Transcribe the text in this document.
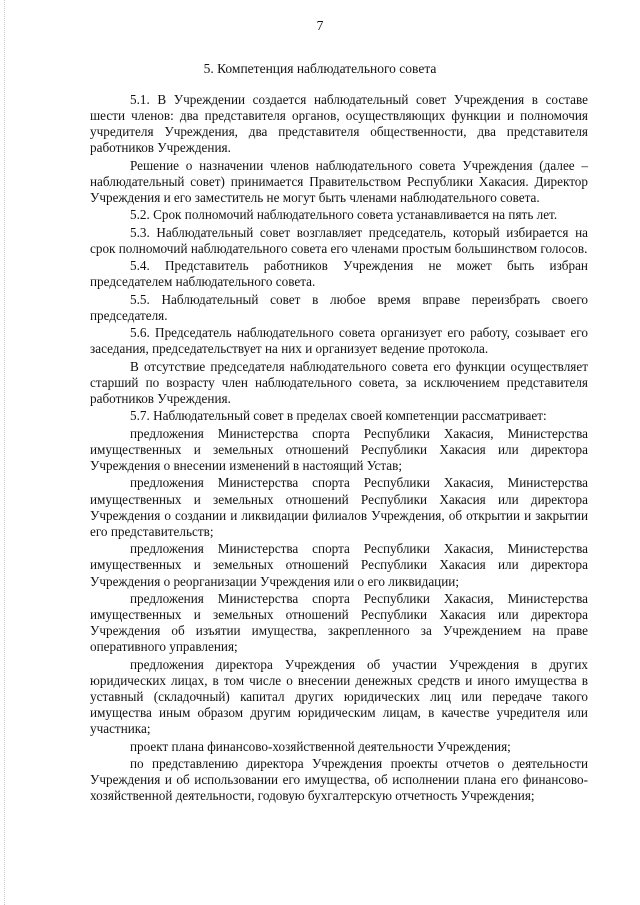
7
5. Компетенция наблюдательного совета

5.1. В Учреждении создается наблюдательный совет Учреждения в составе шести членов: два представителя органов, осуществляющих функции и полномочия учредителя Учреждения, два представителя общественности, два представителя работников Учреждения.

Решение о назначении членов наблюдательного совета Учреждения (далее – наблюдательный совет) принимается Правительством Республики Хакасия. Директор Учреждения и его заместитель не могут быть членами наблюдательного совета.

5.2. Срок полномочий наблюдательного совета устанавливается на пять лет.

5.3. Наблюдательный совет возглавляет председатель, который избирается на срок полномочий наблюдательного совета его членами простым большинством голосов.

5.4. Представитель работников Учреждения не может быть избран председателем наблюдательного совета.

5.5. Наблюдательный совет в любое время вправе переизбрать своего председателя.

5.6. Председатель наблюдательного совета организует его работу, созывает его заседания, председательствует на них и организует ведение протокола.

В отсутствие председателя наблюдательного совета его функции осуществляет старший по возрасту член наблюдательного совета, за исключением представителя работников Учреждения.

5.7. Наблюдательный совет в пределах своей компетенции рассматривает:

предложения Министерства спорта Республики Хакасия, Министерства имущественных и земельных отношений Республики Хакасия или директора Учреждения о внесении изменений в настоящий Устав;

предложения Министерства спорта Республики Хакасия, Министерства имущественных и земельных отношений Республики Хакасия или директора Учреждения о создании и ликвидации филиалов Учреждения, об открытии и закрытии его представительств;

предложения Министерства спорта Республики Хакасия, Министерства имущественных и земельных отношений Республики Хакасия или директора Учреждения о реорганизации Учреждения или о его ликвидации;

предложения Министерства спорта Республики Хакасия, Министерства имущественных и земельных отношений Республики Хакасия или директора Учреждения об изъятии имущества, закрепленного за Учреждением на праве оперативного управления;

предложения директора Учреждения об участии Учреждения в других юридических лицах, в том числе о внесении денежных средств и иного имущества в уставный (складочный) капитал других юридических лиц или передаче такого имущества иным образом другим юридическим лицам, в качестве учредителя или участника;

проект плана финансово-хозяйственной деятельности Учреждения;

по представлению директора Учреждения проекты отчетов о деятельности Учреждения и об использовании его имущества, об исполнении плана его финансово-хозяйственной деятельности, годовую бухгалтерскую отчетность Учреждения;
